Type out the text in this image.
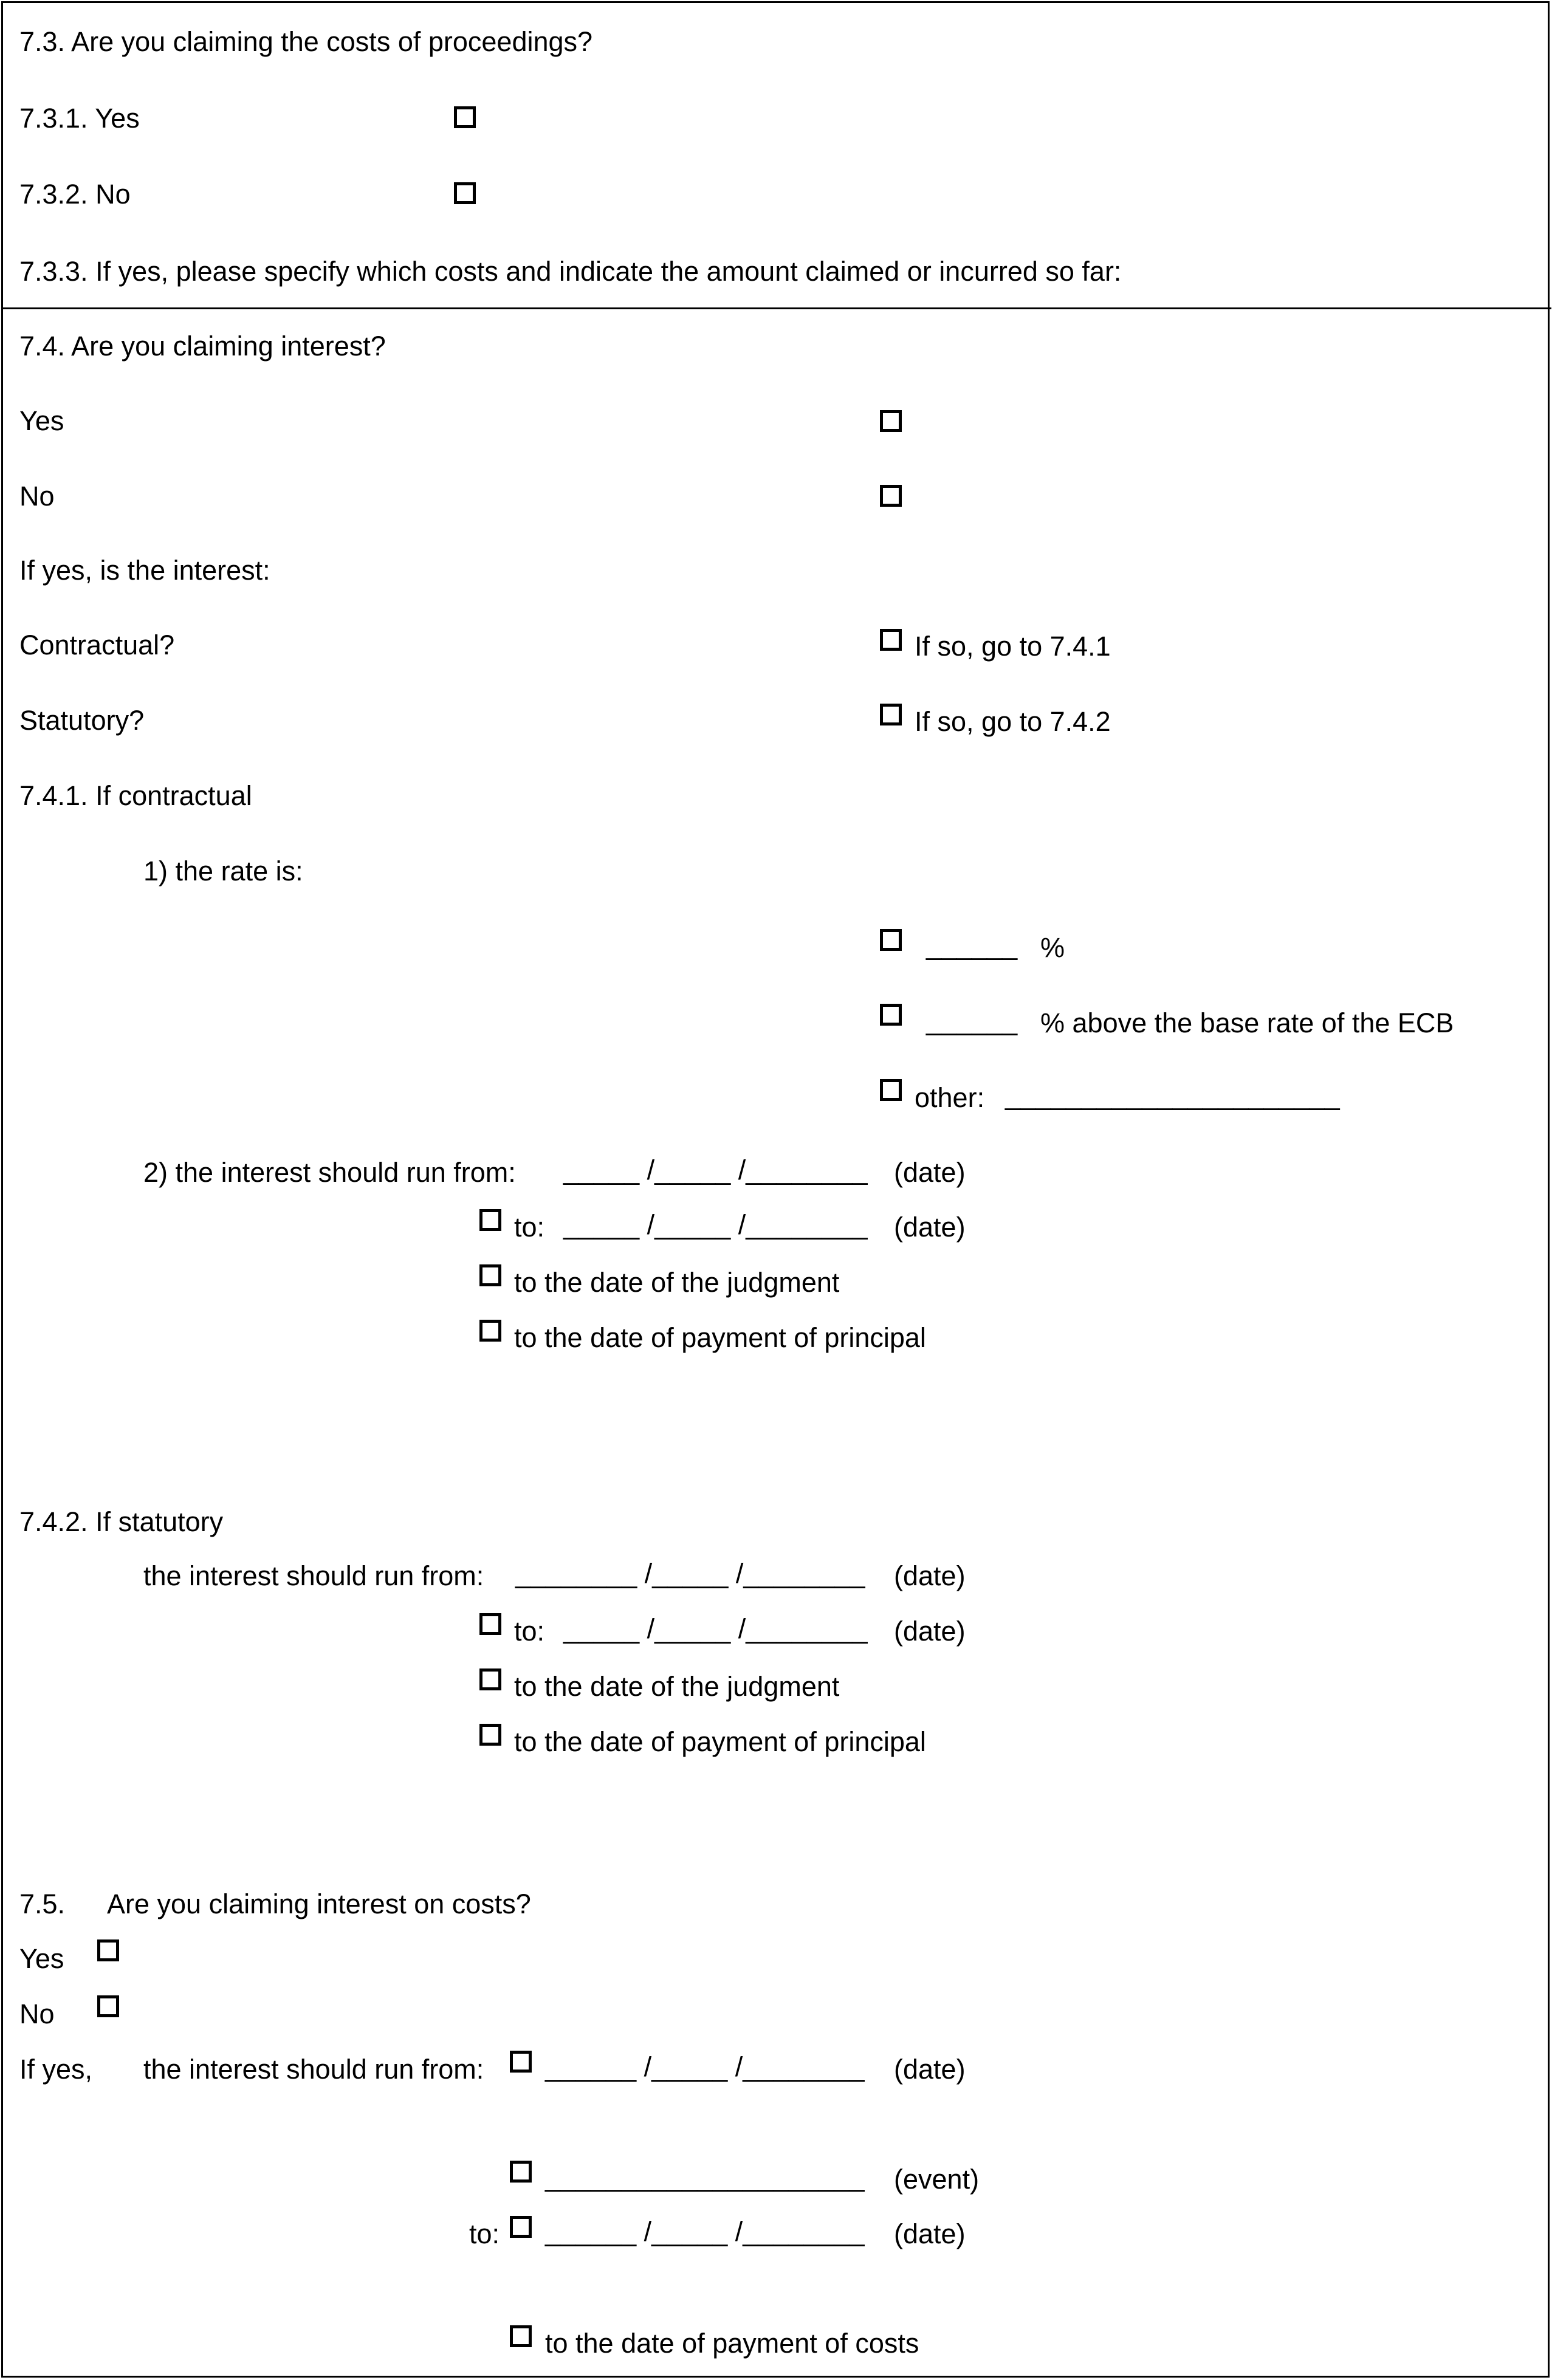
7.3. Are you claiming the costs of proceedings?
7.3.1. Yes
7.3.2. No
7.3.3. If yes, please specify which costs and indicate the amount claimed or incurred so far:
7.4. Are you claiming interest?
Yes
No
If yes, is the interest:
Contractual?	If so, go to 7.4.1
Statutory?	If so, go to 7.4.2
7.4.1. If contractual
1) the rate is:
______ %
______ % above the base rate of the ECB
other: ______________________
2) the interest should run from: _____ /_____ /________ (date)
to: _____ /_____ /________ (date)
to the date of the judgment
to the date of payment of principal
7.4.2. If statutory
the interest should run from: ________ /_____ /________ (date)
to: _____ /_____ /________ (date)
to the date of the judgment
to the date of payment of principal
7.5. Are you claiming interest on costs?
Yes
No
If yes, the interest should run from: ______ /_____ /________ (date)
_____________________ (event)
to: ______ /_____ /________ (date)
to the date of payment of costs
